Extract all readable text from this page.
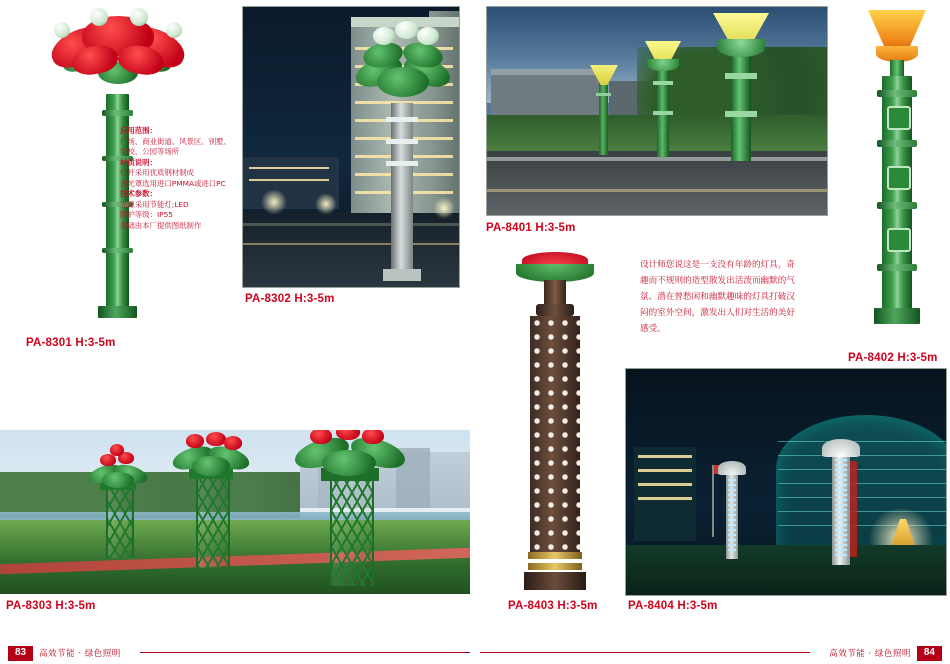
应用范围：
广场、商业街道、风景区、别墅、
学校、公园等场所
材质说明：
灯杆采用优质钢材制成
透光罩选用进口PMMA或进口PC
技术参数：
光源采用节能灯;LED
防护等级：IP55
基础由本厂提供图纸制作
PA-8301 H:3-5m
PA-8302 H:3-5m
PA-8401 H:3-5m
PA-8402 H:3-5m
PA-8403 H:3-5m
设计师您说这是一支没有年龄的灯具，奇趣而不规则的造型散发出活泼而幽默的气氛、潜在曾愁闲和幽默趣味的灯具打破汉闷的室外空间，激发出人们对生活的美好感受。
PA-8404 H:3-5m
PA-8303 H:3-5m
83	高效节能 · 绿色照明	高效节能 · 绿色照明	84
